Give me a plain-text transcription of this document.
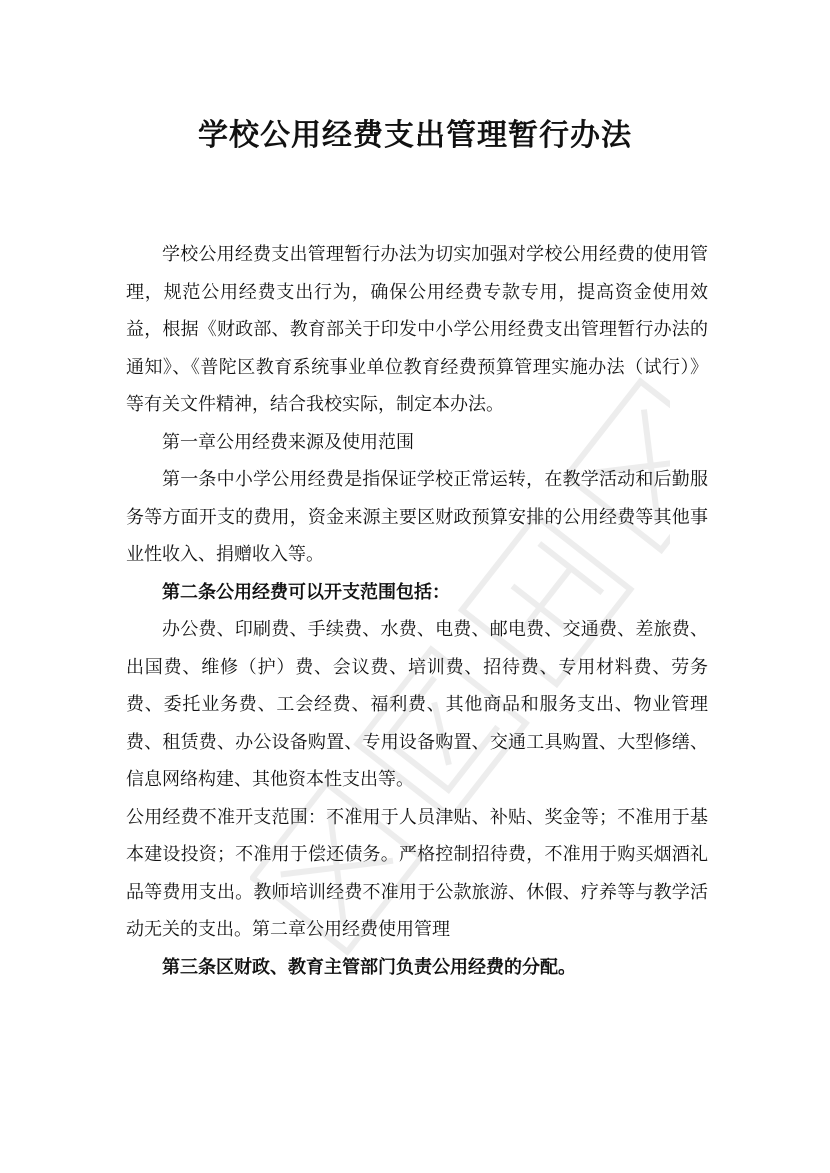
学校公用经费支出管理暂行办法

学校公用经费支出管理暂行办法为切实加强对学校公用经费的使用管理，规范公用经费支出行为，确保公用经费专款专用，提高资金使用效益，根据《财政部、教育部关于印发中小学公用经费支出管理暂行办法的通知》、《普陀区教育系统事业单位教育经费预算管理实施办法（试行）》等有关文件精神，结合我校实际，制定本办法。

第一章公用经费来源及使用范围

第一条中小学公用经费是指保证学校正常运转，在教学活动和后勤服务等方面开支的费用，资金来源主要区财政预算安排的公用经费等其他事业性收入、捐赠收入等。

第二条公用经费可以开支范围包括：

办公费、印刷费、手续费、水费、电费、邮电费、交通费、差旅费、出国费、维修（护）费、会议费、培训费、招待费、专用材料费、劳务费、委托业务费、工会经费、福利费、其他商品和服务支出、物业管理费、租赁费、办公设备购置、专用设备购置、交通工具购置、大型修缮、信息网络构建、其他资本性支出等。

公用经费不准开支范围：不准用于人员津贴、补贴、奖金等；不准用于基本建设投资；不准用于偿还债务。严格控制招待费，不准用于购买烟酒礼品等费用支出。教师培训经费不准用于公款旅游、休假、疗养等与教学活动无关的支出。第二章公用经费使用管理

第三条区财政、教育主管部门负责公用经费的分配。
